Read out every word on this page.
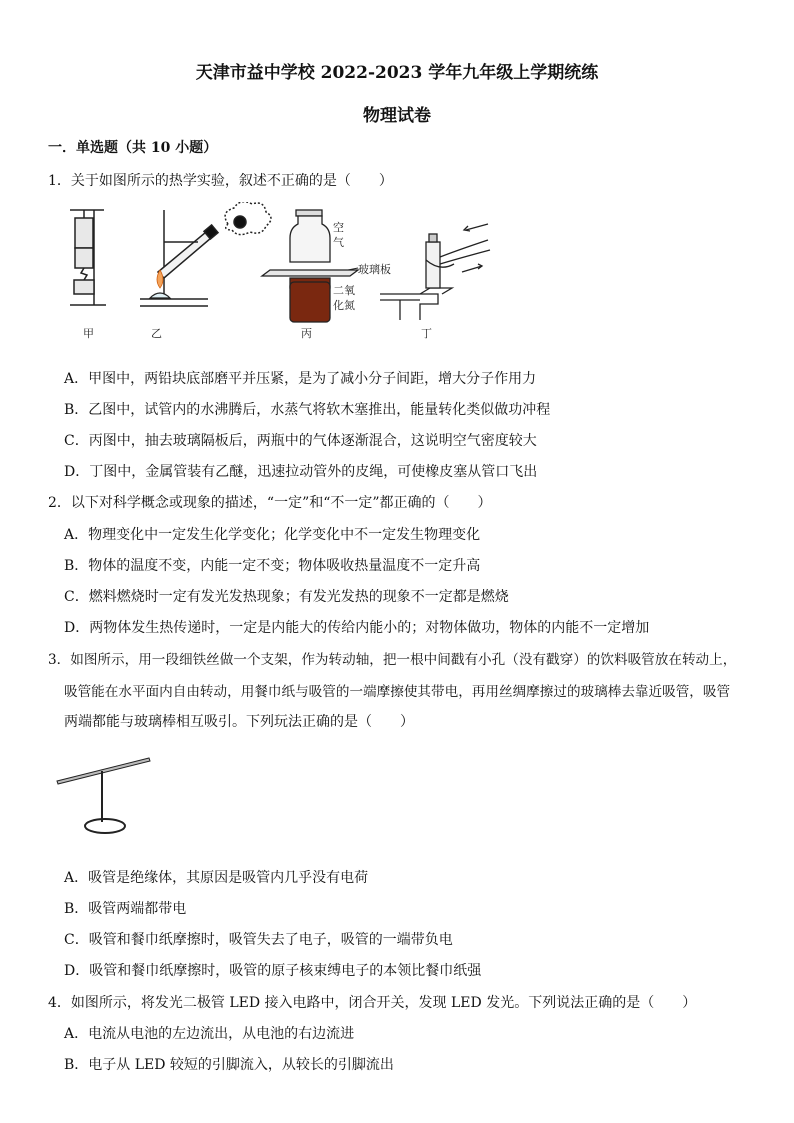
天津市益中学校 2022-2023 学年九年级上学期统练
物理试卷
一．单选题（共 10 小题）
1．关于如图所示的热学实验，叙述不正确的是（　　）
甲	乙
空
气
玻璃板
二氧
化氮
丙	丁
A．甲图中，两铅块底部磨平并压紧，是为了减小分子间距，增大分子作用力
B．乙图中，试管内的水沸腾后，水蒸气将软木塞推出，能量转化类似做功冲程
C．丙图中，抽去玻璃隔板后，两瓶中的气体逐渐混合，这说明空气密度较大
D．丁图中，金属管装有乙醚，迅速拉动管外的皮绳，可使橡皮塞从管口飞出
2．以下对科学概念或现象的描述，“一定”和“不一定”都正确的（　　）
A．物理变化中一定发生化学变化；化学变化中不一定发生物理变化
B．物体的温度不变，内能一定不变；物体吸收热量温度不一定升高
C．燃料燃烧时一定有发光发热现象；有发光发热的现象不一定都是燃烧
D．两物体发生热传递时，一定是内能大的传给内能小的；对物体做功，物体的内能不一定增加
3．如图所示，用一段细铁丝做一个支架，作为转动轴，把一根中间戳有小孔（没有戳穿）的饮料吸管放在转动上，
吸管能在水平面内自由转动，用餐巾纸与吸管的一端摩擦使其带电，再用丝绸摩擦过的玻璃棒去靠近吸管，吸管
两端都能与玻璃棒相互吸引。下列玩法正确的是（　　）
A．吸管是绝缘体，其原因是吸管内几乎没有电荷
B．吸管两端都带电
C．吸管和餐巾纸摩擦时，吸管失去了电子，吸管的一端带负电
D．吸管和餐巾纸摩擦时，吸管的原子核束缚电子的本领比餐巾纸强
4．如图所示，将发光二极管 LED 接入电路中，闭合开关，发现 LED 发光。下列说法正确的是（　　）
A．电流从电池的左边流出，从电池的右边流进
B．电子从 LED 较短的引脚流入，从较长的引脚流出
